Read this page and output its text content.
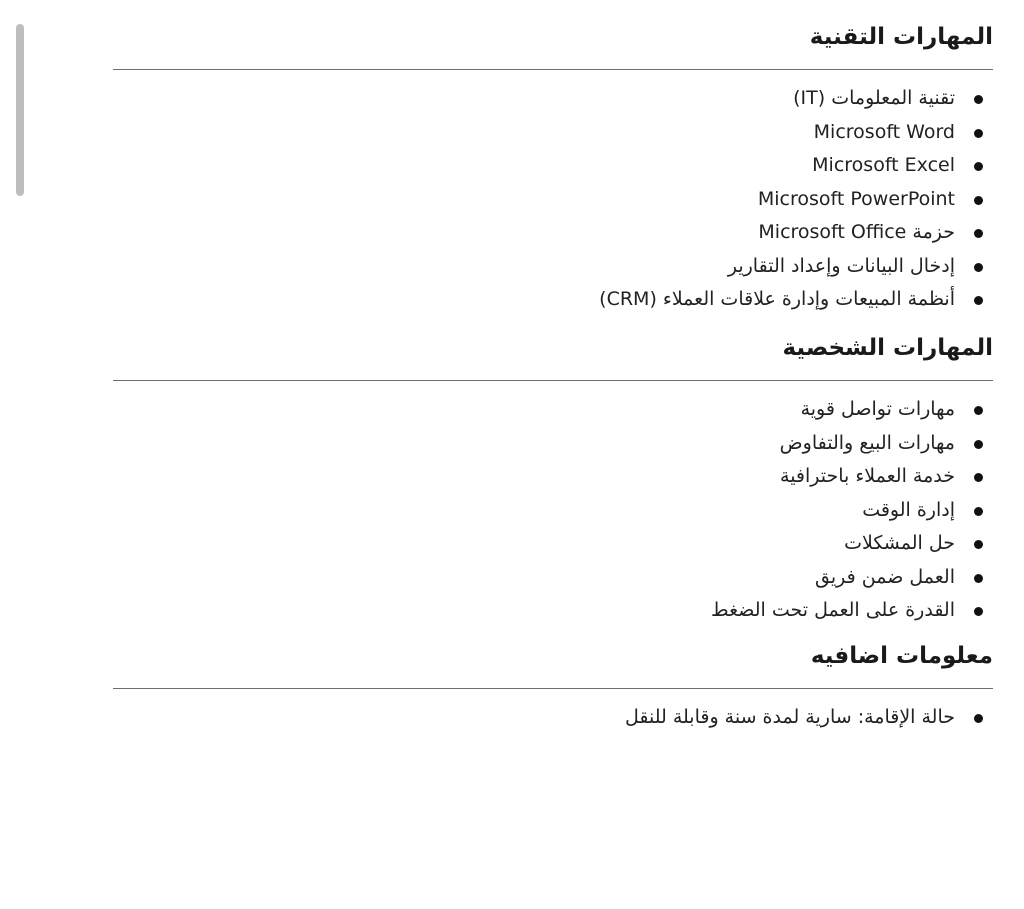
المهارات التقنية
تقنية المعلومات (IT)
Microsoft Word
Microsoft Excel
Microsoft PowerPoint
حزمة Microsoft Office
إدخال البيانات وإعداد التقارير
أنظمة المبيعات وإدارة علاقات العملاء (CRM)
المهارات الشخصية
مهارات تواصل قوية
مهارات البيع والتفاوض
خدمة العملاء باحترافية
إدارة الوقت
حل المشكلات
العمل ضمن فريق
القدرة على العمل تحت الضغط
معلومات اضافيه
حالة الإقامة: سارية لمدة سنة وقابلة للنقل
